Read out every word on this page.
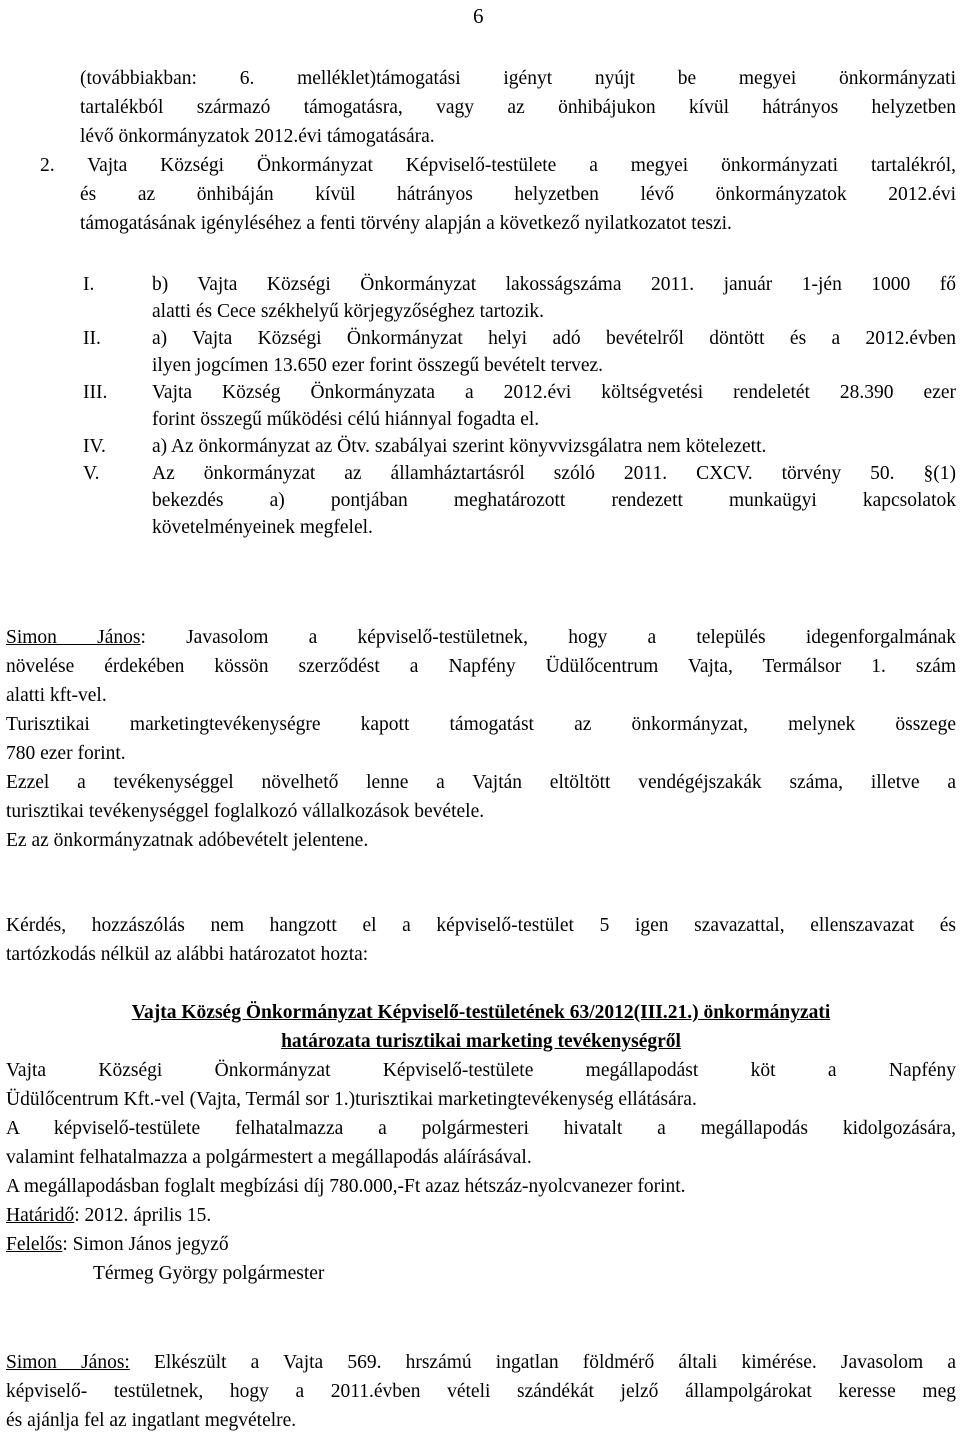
6
(továbbiakban: 6. melléklet)támogatási igényt nyújt be megyei önkormányzati
tartalékból származó támogatásra, vagy az önhibájukon kívül hátrányos helyzetben
lévő önkormányzatok 2012.évi támogatására.
2. Vajta Községi Önkormányzat Képviselő-testülete a megyei önkormányzati tartalékról,
és az önhibáján kívül hátrányos helyzetben lévő önkormányzatok 2012.évi
támogatásának igényléséhez a fenti törvény alapján a következő nyilatkozatot teszi.
I.	b) Vajta Községi Önkormányzat lakosságszáma 2011. január 1-jén 1000 fő
alatti és Cece székhelyű körjegyzőséghez tartozik.
II.	a) Vajta Községi Önkormányzat helyi adó bevételről döntött és a 2012.évben
ilyen jogcímen 13.650 ezer forint összegű bevételt tervez.
III. Vajta Község Önkormányzata a 2012.évi költségvetési rendeletét 28.390 ezer
forint összegű működési célú hiánnyal fogadta el.
IV. a) Az önkormányzat az Ötv. szabályai szerint könyvvizsgálatra nem kötelezett.
V.	Az önkormányzat az államháztartásról szóló 2011. CXCV. törvény 50. §(1)
bekezdés a) pontjában meghatározott rendezett munkaügyi kapcsolatok
követelményeinek megfelel.
Simon János: Javasolom a képviselő-testületnek, hogy a település idegenforgalmának
növelése érdekében kössön szerződést a Napfény Üdülőcentrum Vajta, Termálsor 1. szám
alatti kft-vel.
Turisztikai marketingtevékenységre kapott támogatást az önkormányzat, melynek összege
780 ezer forint.
Ezzel a tevékenységgel növelhető lenne a Vajtán eltöltött vendégéjszakák száma, illetve a
turisztikai tevékenységgel foglalkozó vállalkozások bevétele.
Ez az önkormányzatnak adóbevételt jelentene.
Kérdés, hozzászólás nem hangzott el a képviselő-testület 5 igen szavazattal, ellenszavazat és
tartózkodás nélkül az alábbi határozatot hozta:
Vajta Község Önkormányzat Képviselő-testületének 63/2012(III.21.) önkormányzati
határozata turisztikai marketing tevékenységről
Vajta Községi Önkormányzat Képviselő-testülete megállapodást köt a Napfény
Üdülőcentrum Kft.-vel (Vajta, Termál sor 1.)turisztikai marketingtevékenység ellátására.
A képviselő-testülete felhatalmazza a polgármesteri hivatalt a megállapodás kidolgozására,
valamint felhatalmazza a polgármestert a megállapodás aláírásával.
A megállapodásban foglalt megbízási díj 780.000,-Ft azaz hétszáz-nyolcvanezer forint.
Határidő: 2012. április 15.
Felelős: Simon János jegyző
Térmeg György polgármester
Simon János: Elkészült a Vajta 569. hrszámú ingatlan földmérő általi kimérése. Javasolom a
képviselő- testületnek, hogy a 2011.évben vételi szándékát jelző állampolgárokat keresse meg
és ajánlja fel az ingatlant megvételre.
